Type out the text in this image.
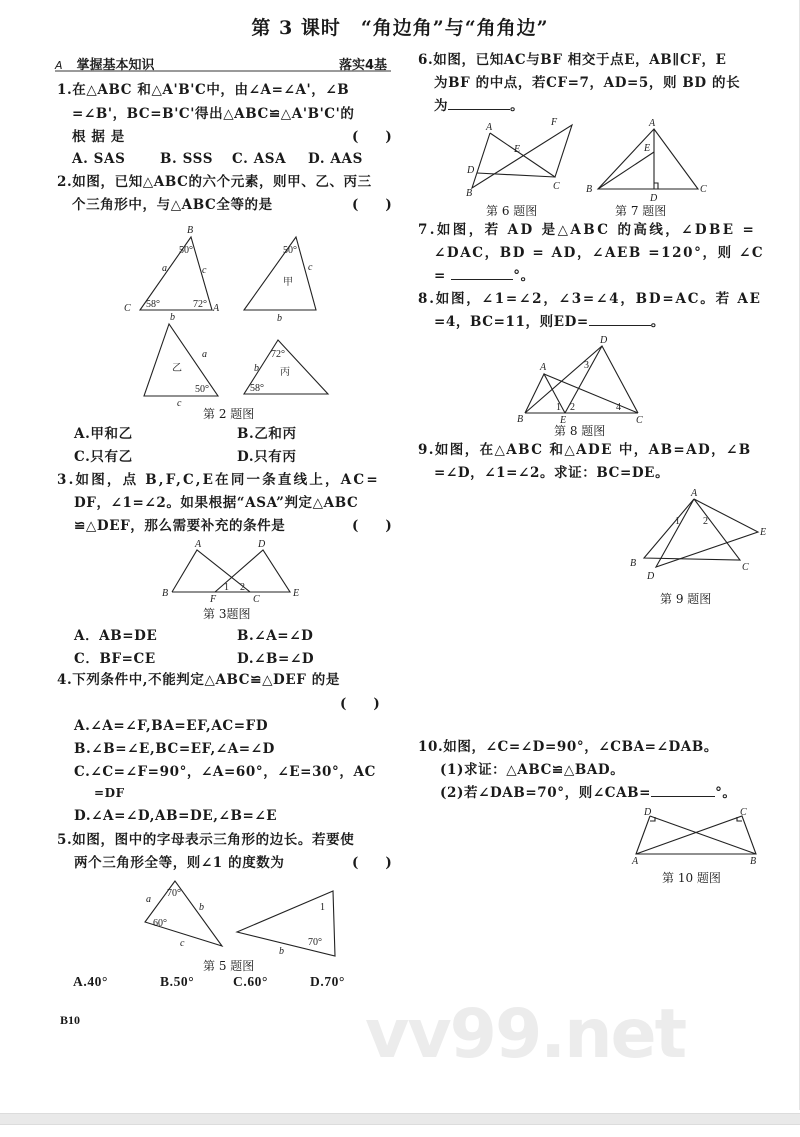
第 3 课时　“角边角”与“角角边”
A 掌握基本知识	落实4基
1.在△ABC 和△A'B'C中，由∠A=∠A'，∠B
=∠B'，BC=B'C'得出△ABC≌△A'B'C'的
根 据 是	(　　)
A. SAS	B. SSS C. ASA D. AAS
2.如图，已知△ABC的六个元素，则甲、乙、丙三
个三角形中，与△ABC全等的是	(　　)
B
C	A
a	c
b
50°
58°	72°
50°
c
b
甲
a
c
50°
乙	b
72°
58°
丙
第 2 题图
A.甲和乙	B.乙和丙
C.只有乙	D.只有丙
3.如图，点 B,F,C,E在同一条直线上，AC=
DF，∠1=∠2。如果根据“ASA”判定△ABC
≌△DEF，那么需要补充的条件是	(　　)
A	D
B
F	C
E
1 2
第 3题图
A．AB=DE	B.∠A=∠D
C．BF=CE	D.∠B=∠D
4.下列条件中,不能判定△ABC≌△DEF 的是
(　　)
A.∠A=∠F,BA=EF,AC=FD
B.∠B=∠E,BC=EF,∠A=∠D
C.∠C=∠F=90°，∠A=60°，∠E=30°，AC
=DF
D.∠A=∠D,AB=DE,∠B=∠E
5.如图，图中的字母表示三角形的边长。若要使
两个三角形全等，则∠1 的度数为	(　　)
a
b
c
70°
60°
1
70°
b
第 5 题图
A.40°	B.50°	C.60°	D.70°
6.如图，已知AC与BF 相交于点E，AB∥CF，E
为BF 的中点，若CF=7，AD=5，则 BD 的长
为	。
A	F
E
D
B
C
第 6 题图
A
E
B
D
C
第 7 题图
7.如图，若 AD 是△ABC 的高线，∠DBE =
∠DAC，BD = AD，∠AEB =120°，则 ∠C
=	°。
8.如图，∠1=∠2，∠3=∠4，BD=AC。若 AE
=4，BC=11，则ED=	。
A
B	E	C
D
1 2
3
4
第 8 题图
9.如图，在△ABC 和△ADE 中，AB=AD，∠B
=∠D，∠1=∠2。求证：BC=DE。
A
B	C
D
E
1 2
第 9 题图
10.如图，∠C=∠D=90°，∠CBA=∠DAB。
(1)求证：△ABC≌△BAD。
(2)若∠DAB=70°，则∠CAB=	°。
D	C
A	B
第 10 题图
B10	vv99.net
